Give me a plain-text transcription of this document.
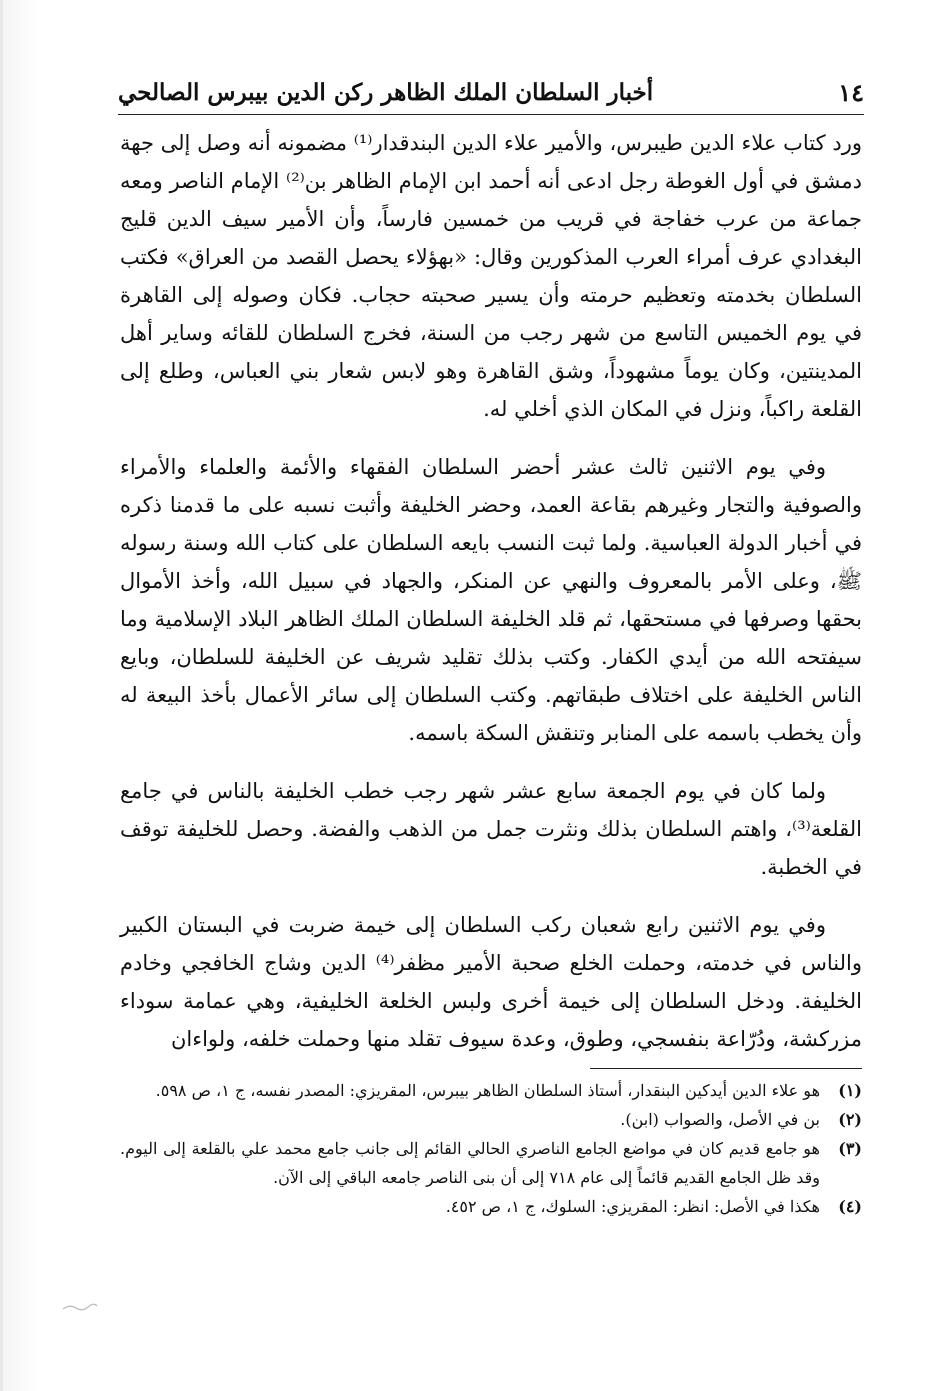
١٤
أخبار السلطان الملك الظاهر ركن الدين بيبرس الصالحي

ورد كتاب علاء الدين طيبرس، والأمير علاء الدين البندقدار⁽¹⁾ مضمونه أنه وصل إلى جهة دمشق في أول الغوطة رجل ادعى أنه أحمد ابن الإمام الظاهر بن⁽²⁾ الإمام الناصر ومعه جماعة من عرب خفاجة في قريب من خمسين فارساً، وأن الأمير سيف الدين قليج البغدادي عرف أمراء العرب المذكورين وقال: «بهؤلاء يحصل القصد من العراق» فكتب السلطان بخدمته وتعظيم حرمته وأن يسير صحبته حجاب. فكان وصوله إلى القاهرة في يوم الخميس التاسع من شهر رجب من السنة، فخرج السلطان للقائه وساير أهل المدينتين، وكان يوماً مشهوداً، وشق القاهرة وهو لابس شعار بني العباس، وطلع إلى القلعة راكباً، ونزل في المكان الذي أخلي له.

وفي يوم الاثنين ثالث عشر أحضر السلطان الفقهاء والأئمة والعلماء والأمراء والصوفية والتجار وغيرهم بقاعة العمد، وحضر الخليفة وأثبت نسبه على ما قدمنا ذكره في أخبار الدولة العباسية. ولما ثبت النسب بايعه السلطان على كتاب الله وسنة رسوله ﷺ، وعلى الأمر بالمعروف والنهي عن المنكر، والجهاد في سبيل الله، وأخذ الأموال بحقها وصرفها في مستحقها، ثم قلد الخليفة السلطان الملك الظاهر البلاد الإسلامية وما سيفتحه الله من أيدي الكفار. وكتب بذلك تقليد شريف عن الخليفة للسلطان، وبايع الناس الخليفة على اختلاف طبقاتهم. وكتب السلطان إلى سائر الأعمال بأخذ البيعة له وأن يخطب باسمه على المنابر وتنقش السكة باسمه.

ولما كان في يوم الجمعة سابع عشر شهر رجب خطب الخليفة بالناس في جامع القلعة⁽³⁾، واهتم السلطان بذلك ونثرت جمل من الذهب والفضة. وحصل للخليفة توقف في الخطبة.

وفي يوم الاثنين رابع شعبان ركب السلطان إلى خيمة ضربت في البستان الكبير والناس في خدمته، وحملت الخلع صحبة الأمير مظفر⁽⁴⁾ الدين وشاج الخافجي وخادم الخليفة. ودخل السلطان إلى خيمة أخرى ولبس الخلعة الخليفية، وهي عمامة سوداء مزركشة، ودُرّاعة بنفسجي، وطوق، وعدة سيوف تقلد منها وحملت خلفه، ولواءان

(١)
هو علاء الدين أيدكين البنقدار، أستاذ السلطان الظاهر بيبرس، المقريزي: المصدر نفسه، ج ١، ص ٥٩٨.
(٢)
بن في الأصل، والصواب (ابن).
(٣)
هو جامع قديم كان في مواضع الجامع الناصري الحالي القائم إلى جانب جامع محمد علي بالقلعة إلى اليوم. وقد ظل الجامع القديم قائماً إلى عام ٧١٨ إلى أن بنى الناصر جامعه الباقي إلى الآن.
(٤)
هكذا في الأصل: انظر: المقريزي: السلوك، ج ١، ص ٤٥٢.
